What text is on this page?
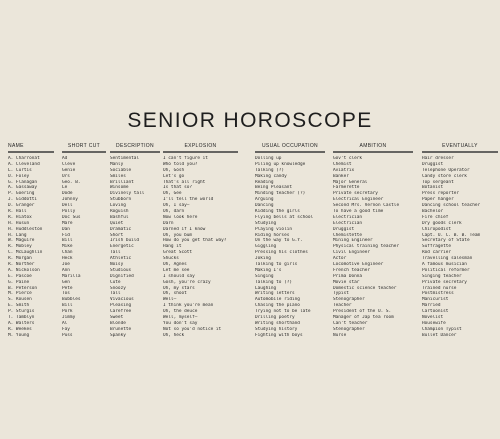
SENIOR HOROSCOPE
NAME
A. Charronat
A. Cleveland
L. Curtis
U. Foley
G. Flanagan
A. Gassaway
P. Goering
J. Giddotti
D. Granger
R. Hall
R. Hiatox
H. Husun
H. Huddleston
H. Lang
W. Maguire
R. Mobley
C. McLaughlin
R. Morgan
R. Norther
A. Nickolson
E. Pascoe
G. Paine
B. Peterson
M. Pierce
S. Rousen
E. Smith
P. Sturgis
T. Tamblyn
A. Walters
R. Weekes
M. Young
SHORT CUT
Ad
Cleve
Genie
Urs
Geo. B.
Le
Dode
Johnny
Dell
Polly
Doc Sus
Mare
Dan
Fid
Bill
Mike
Chan
Heck
Joe
Ann
Marilla
Gen
Pete
Tos
Bubbles
Bill
Pork
Jimmy
Al
Fay
Puss
DESCRIPTION
Sentimental
Manly
Sociable
Smiles
Brilliant
Winsome
Divinely tall
Stubborn
Loving
Roguish
Bashful
Quiet
Dramatic
Short
Irish build
Energetic
Tall
Athletic
Noisy
Studious
Dignified
Cute
Snoozy
Tall
Vivacious
Pleasing
Carefree
Sweet
Blonde
Brunette
Spanky
EXPLOSION
I can't figure it
Who told you?
Oh, Gosh
Let's go
That's all right
Is that so?
Oh, Gee
I'll tell the world
Oh, I say—
Oh, darn
Now look here
Darn
Darned if I know
Oh, you bum
How do you get that way?
Hang it
Great Scott
Shucks
Oh, Agnes
Let me see
I should say
Gosh, you're crazy
Oh, my stars
Oh, shoot
Well—
I think you're mean
Oh, the deuce
Well, myself—
You don't say
Not so you'd notice it
Oh, heck
USUAL OCCUPATION
Dolling up
Piling up knowledge
Talking (?)
Making candy
Reading
Being Pleasant
Minding teacher (?)
Arguing
Dancing
Kidding the girls
Flying bells at school
Studying
Playing violin
Riding horses
On the way to G.Y.
Giggling
Pressing his clothes
Joking
Talking to girls
Making I's
Singing
Talking to (?)
Laughing
Writing letters
Automobile riding
Chasing the piano
Trying not to be late
Drilling poetry
Writing shorthand
Studying history
Fighting with boys
AMBITION
Gov't clerk
Chemist
Aviatrix
Banker
Major General
Farmerette
Private secretary
Electrical Engineer
Second Mrs. Vernon Castle
To have a good time
Electrician
Electrician
Druggist
Chemistette
Mining Engineer
Physical training teacher
Civil Engineer
Actor
Locomotive Engineer
French teacher
Prima Donna
Movie star
Domestic science teacher
Typist
Stenographer
Teacher
President of the U. S.
Manager of Jap tea room
Can't teacher
Stenographer
Nurse
EVENTUALLY
Hair dresser
Druggist
Telephone Operator
Candy store clerk
Top sergeant
Botanist
Press reporter
Paper hanger
Dancing school teacher
Bachelor
Fire chief
Dry goods clerk
Chiropodist
Capt. U. C. B. B. Team
Secretary of State
Suffragette
Rod carrier
Travelling salesman
A famous musician
Political reformer
Singing teacher
Private secretary
Trained nurse
Postmistress
Manicurist
Married
Cartoonist
Novelist
Housewife
Champion Typist
Bullet Dancer
